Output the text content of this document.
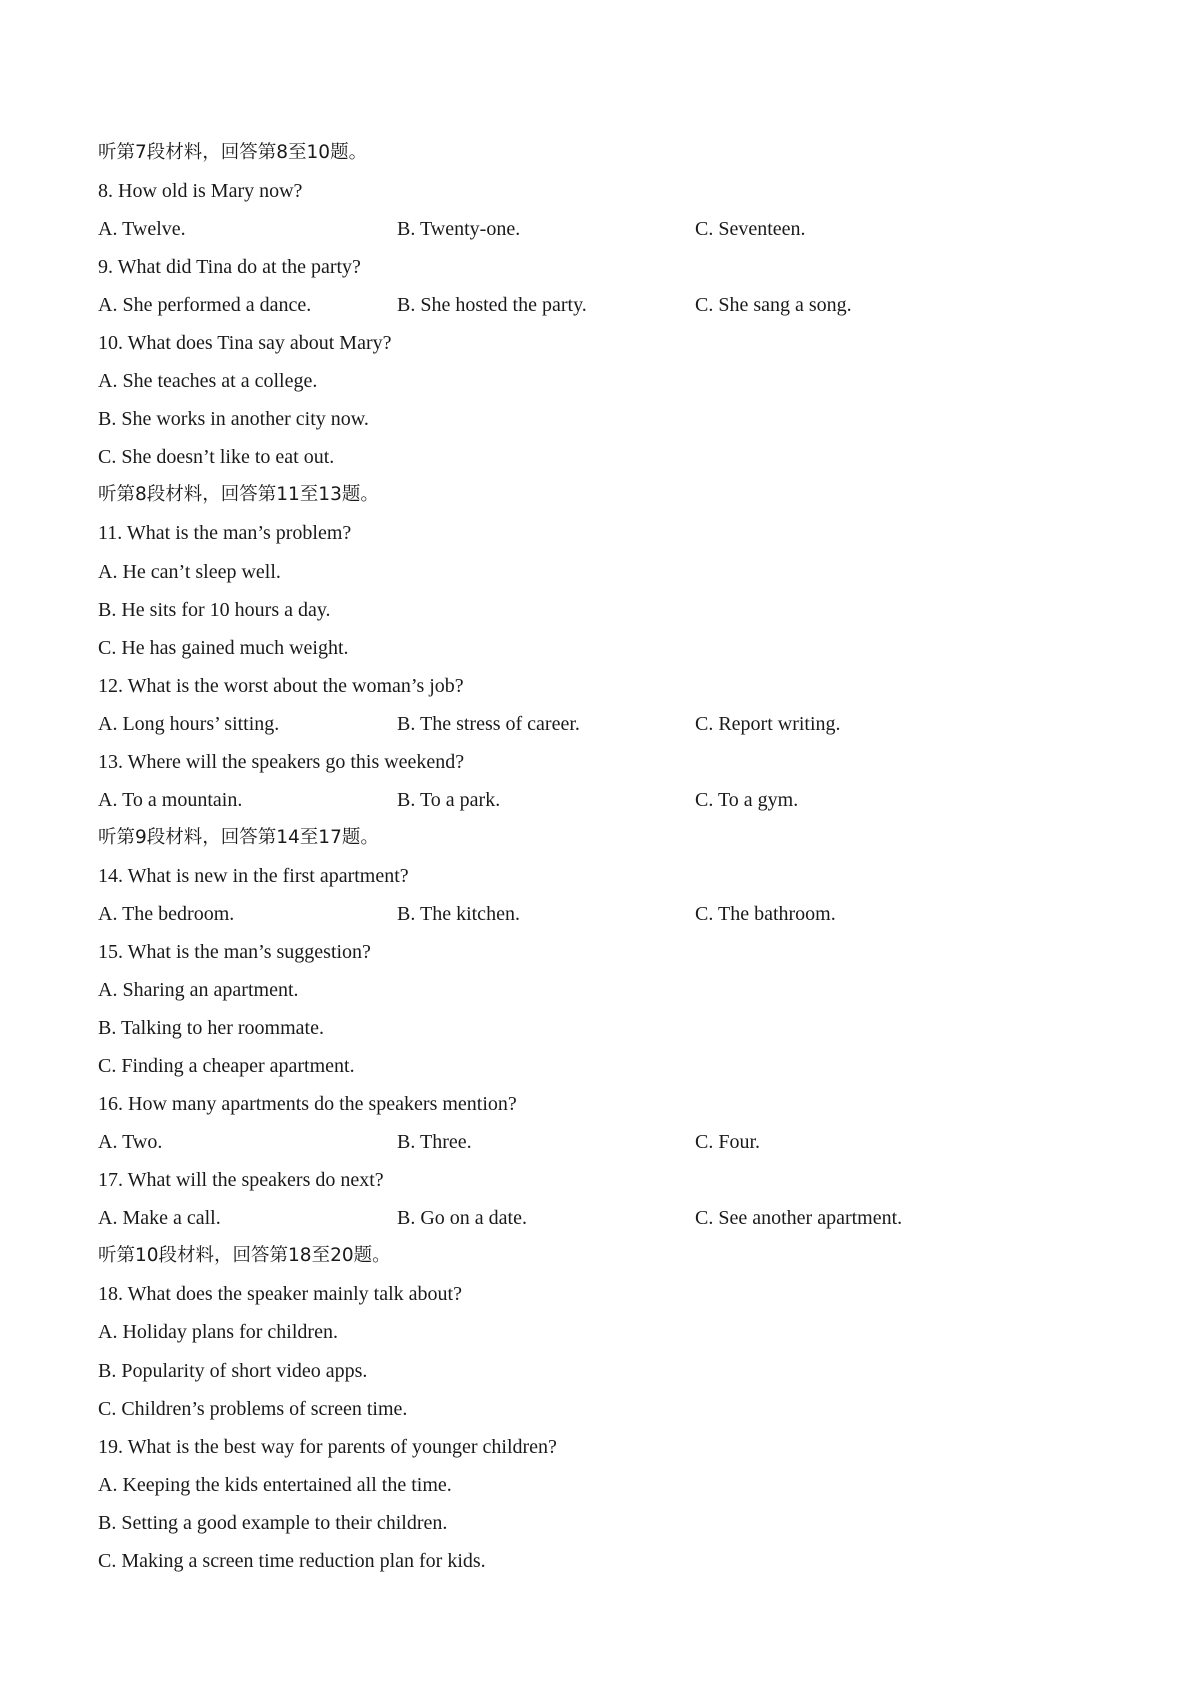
听第7段材料，回答第8至10题。
8. How old is Mary now?
A. Twelve.	B. Twenty-one.	C. Seventeen.
9. What did Tina do at the party?
A. She performed a dance.	B. She hosted the party.	C. She sang a song.
10. What does Tina say about Mary?
A. She teaches at a college.
B. She works in another city now.
C. She doesn’t like to eat out.
听第8段材料，回答第11至13题。
11. What is the man’s problem?
A. He can’t sleep well.
B. He sits for 10 hours a day.
C. He has gained much weight.
12. What is the worst about the woman’s job?
A. Long hours’ sitting.	B. The stress of career.	C. Report writing.
13. Where will the speakers go this weekend?
A. To a mountain.	B. To a park.	C. To a gym.
听第9段材料，回答第14至17题。
14. What is new in the first apartment?
A. The bedroom.	B. The kitchen.	C. The bathroom.
15. What is the man’s suggestion?
A. Sharing an apartment.
B. Talking to her roommate.
C. Finding a cheaper apartment.
16. How many apartments do the speakers mention?
A. Two.	B. Three.	C. Four.
17. What will the speakers do next?
A. Make a call.	B. Go on a date.	C. See another apartment.
听第10段材料，回答第18至20题。
18. What does the speaker mainly talk about?
A. Holiday plans for children.
B. Popularity of short video apps.
C. Children’s problems of screen time.
19. What is the best way for parents of younger children?
A. Keeping the kids entertained all the time.
B. Setting a good example to their children.
C. Making a screen time reduction plan for kids.
